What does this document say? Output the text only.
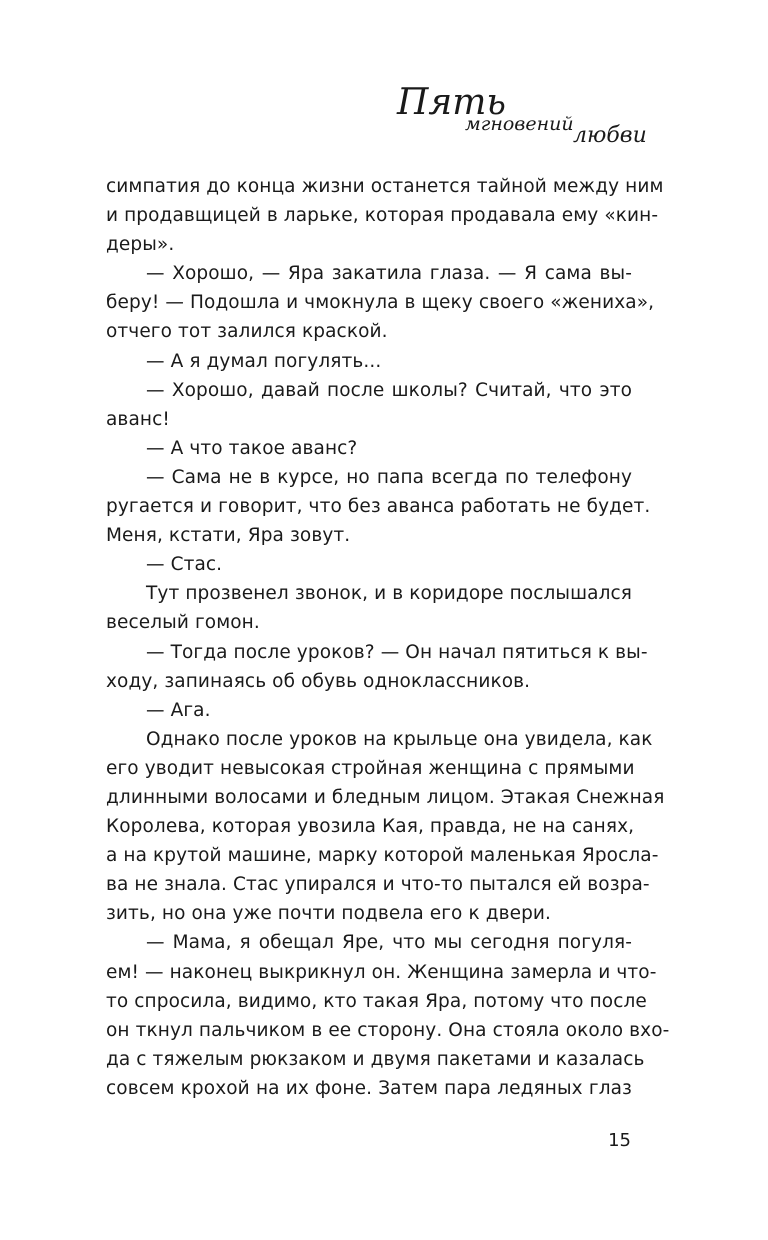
Пять
мгновений любви
симпатия до конца жизни останется тайной между ним
и продавщицей в ларьке, которая продавала ему «кин-
деры».
— Хорошо, — Яра закатила глаза. — Я сама вы-
беру! — Подошла и чмокнула в щеку своего «жениха»,
отчего тот залился краской.
— А я думал погулять...
— Хорошо, давай после школы? Считай, что это
аванс!
— А что такое аванс?
— Сама не в курсе, но папа всегда по телефону
ругается и говорит, что без аванса работать не будет.
Меня, кстати, Яра зовут.
— Стас.
Тут прозвенел звонок, и в коридоре послышался
веселый гомон.
— Тогда после уроков? — Он начал пятиться к вы-
ходу, запинаясь об обувь одноклассников.
— Ага.
Однако после уроков на крыльце она увидела, как
его уводит невысокая стройная женщина с прямыми
длинными волосами и бледным лицом. Этакая Снежная
Королева, которая увозила Кая, правда, не на санях,
а на крутой машине, марку которой маленькая Яросла-
ва не знала. Стас упирался и что-то пытался ей возра-
зить, но она уже почти подвела его к двери.
— Мама, я обещал Яре, что мы сегодня погуля-
ем! — наконец выкрикнул он. Женщина замерла и что-
то спросила, видимо, кто такая Яра, потому что после
он ткнул пальчиком в ее сторону. Она стояла около вхо-
да с тяжелым рюкзаком и двумя пакетами и казалась
совсем крохой на их фоне. Затем пара ледяных глаз
15
